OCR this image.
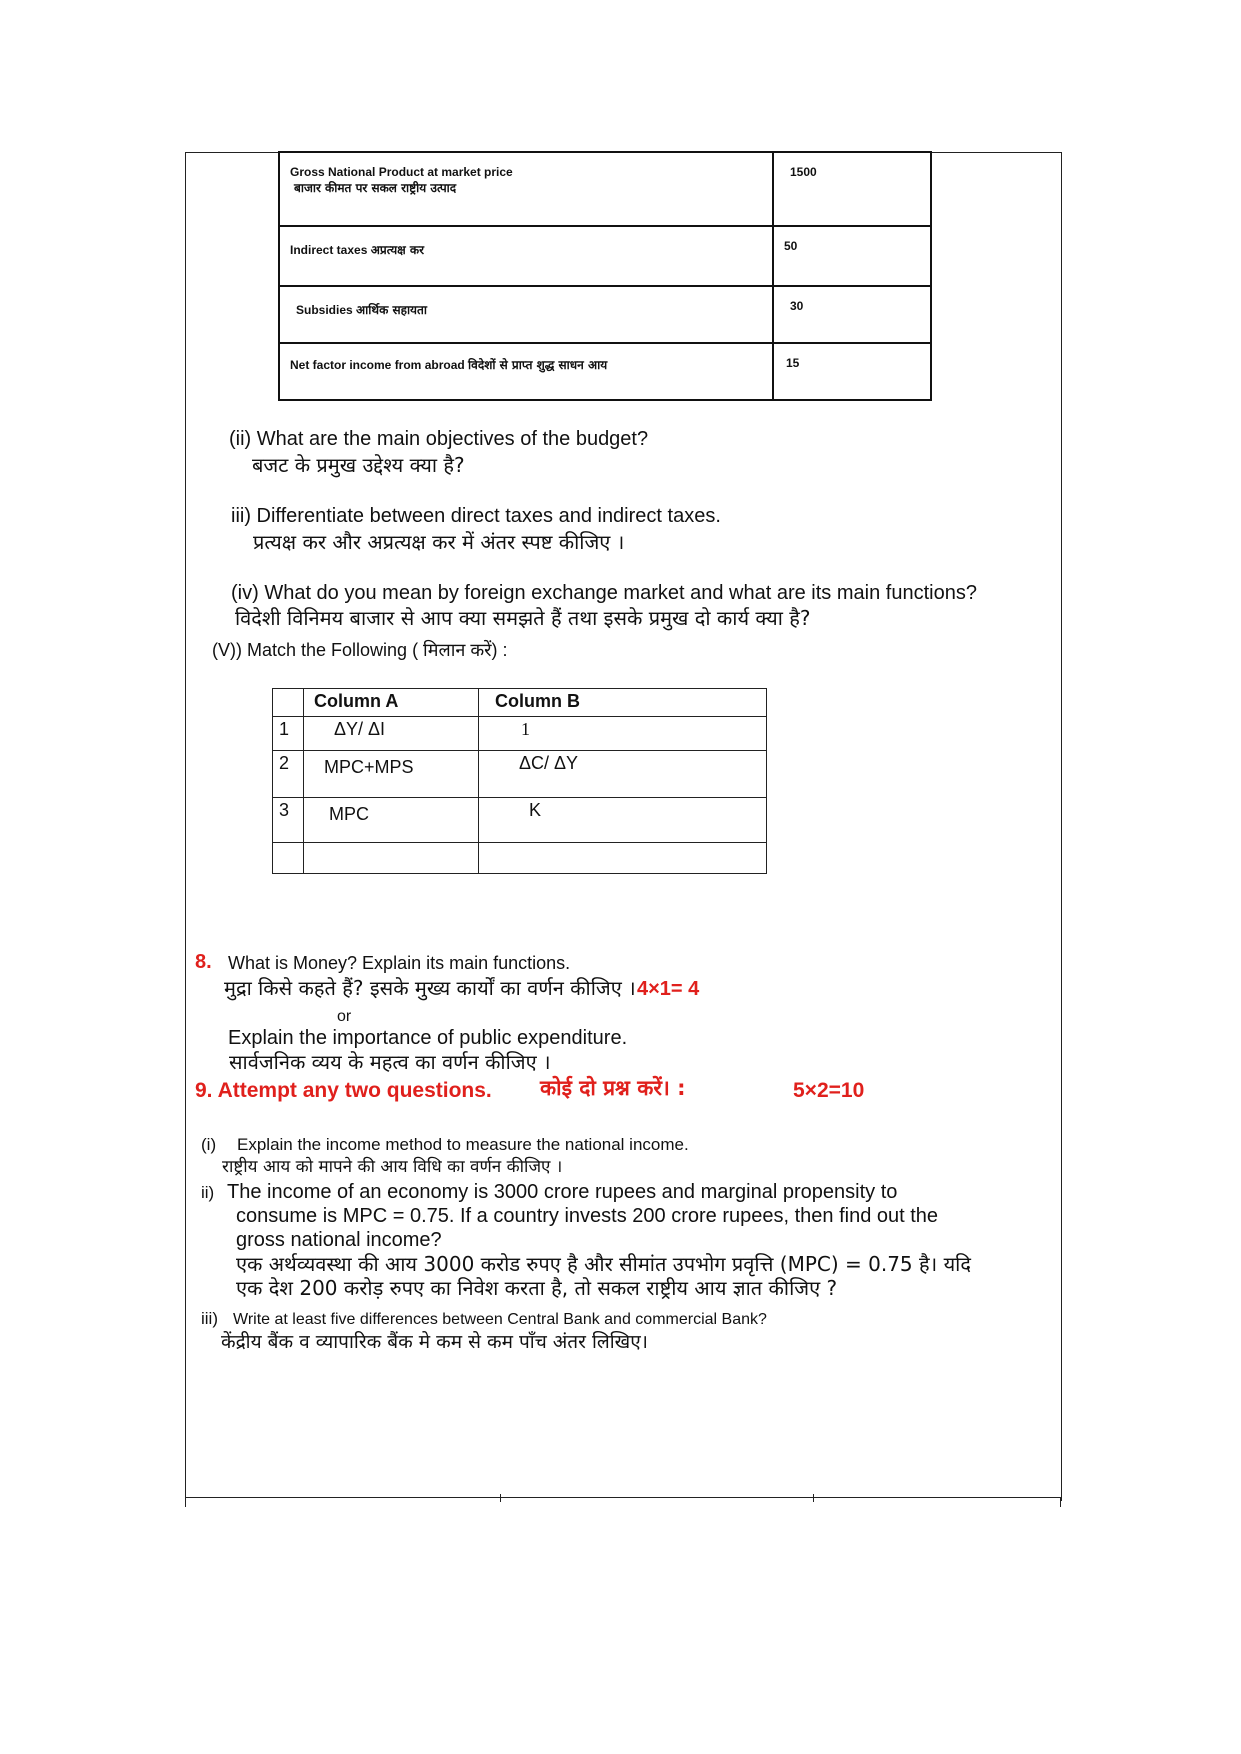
Gross National Product at market price
बाजार कीमत पर सकल राष्ट्रीय उत्पाद	1500
Indirect taxes अप्रत्यक्ष कर	50
Subsidies आर्थिक सहायता	30
Net factor income from abroad विदेशों से प्राप्त शुद्ध साधन आय	15
(ii) What are the main objectives of the budget?
बजट के प्रमुख उद्देश्य क्या है?
iii) Differentiate between direct taxes and indirect taxes.
प्रत्यक्ष कर और अप्रत्यक्ष कर में अंतर स्पष्ट कीजिए ।
(iv) What do you mean by foreign exchange market and what are its main functions?
विदेशी विनिमय बाजार से आप क्या समझते हैं तथा इसके प्रमुख दो कार्य क्या है?
(V)) Match the Following ( मिलान करें) :
	Column A	Column B
1	ΔY/ ΔI	1
2	MPC+MPS	ΔC/ ΔY
3	MPC	K

8. What is Money? Explain its main functions.
मुद्रा किसे कहते हैं? इसके मुख्य कार्यों का वर्णन कीजिए । 4×1= 4
or
Explain the importance of public expenditure.
सार्वजनिक व्यय के महत्व का वर्णन कीजिए ।
9. Attempt any two questions. कोई दो प्रश्न करें। :	5×2=10
(i) Explain the income method to measure the national income.
राष्ट्रीय आय को मापने की आय विधि का वर्णन कीजिए ।
ii) The income of an economy is 3000 crore rupees and marginal propensity to
consume is MPC = 0.75. If a country invests 200 crore rupees, then find out the
gross national income?
एक अर्थव्यवस्था की आय 3000 करोड रुपए है और सीमांत उपभोग प्रवृत्ति (MPC) = 0.75 है। यदि
एक देश 200 करोड़ रुपए का निवेश करता है, तो सकल राष्ट्रीय आय ज्ञात कीजिए ?
iii) Write at least five differences between Central Bank and commercial Bank?
केंद्रीय बैंक व व्यापारिक बैंक मे कम से कम पाँच अंतर लिखिए।
